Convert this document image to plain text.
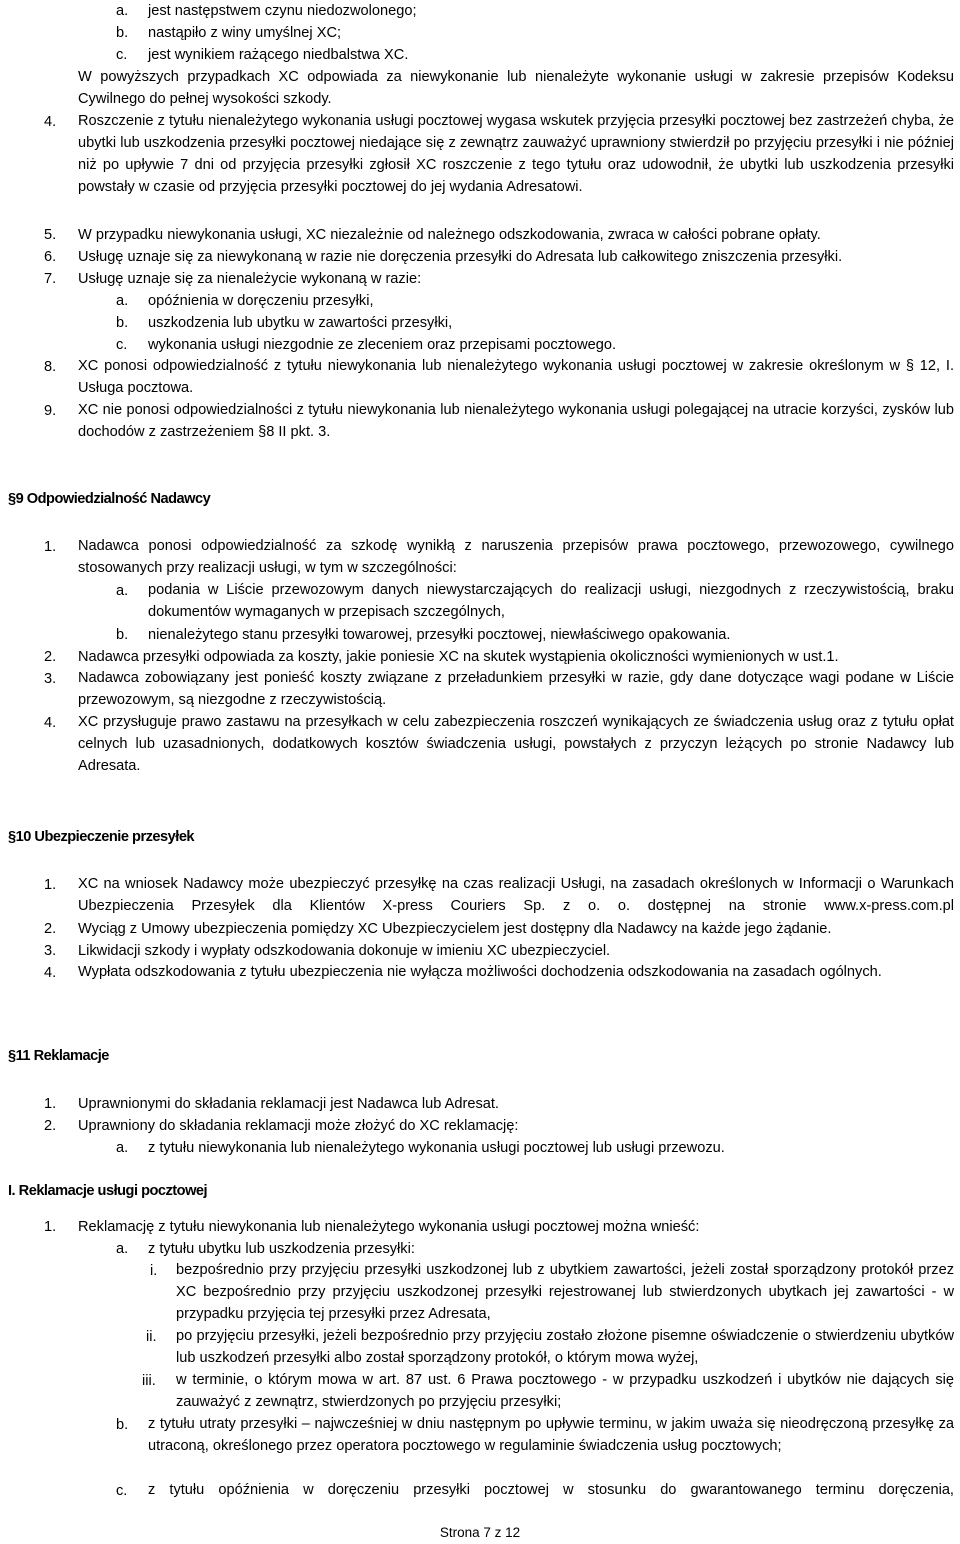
a. jest następstwem czynu niedozwolonego;
b. nastąpiło z winy umyślnej XC;
c. jest wynikiem rażącego niedbalstwa XC.
W powyższych przypadkach XC odpowiada za niewykonanie lub nienależyte wykonanie usługi w zakresie przepisów Kodeksu Cywilnego do pełnej wysokości szkody.
4. Roszczenie z tytułu nienależytego wykonania usługi pocztowej wygasa wskutek przyjęcia przesyłki pocztowej bez zastrzeżeń chyba, że ubytki lub uszkodzenia przesyłki pocztowej niedające się z zewnątrz zauważyć uprawniony stwierdził po przyjęciu przesyłki i nie później niż po upływie 7 dni od przyjęcia przesyłki zgłosił XC roszczenie z tego tytułu oraz udowodnił, że ubytki lub uszkodzenia przesyłki powstały w czasie od przyjęcia przesyłki pocztowej do jej wydania Adresatowi.
5. W przypadku niewykonania usługi, XC niezależnie od należnego odszkodowania, zwraca w całości pobrane opłaty.
6. Usługę uznaje się za niewykonaną w razie nie doręczenia przesyłki do Adresata lub całkowitego zniszczenia przesyłki.
7. Usługę uznaje się za nienależycie wykonaną w razie:
a. opóźnienia w doręczeniu przesyłki,
b. uszkodzenia lub ubytku w zawartości przesyłki,
c. wykonania usługi niezgodnie ze zleceniem oraz przepisami pocztowego.
8. XC ponosi odpowiedzialność z tytułu niewykonania lub nienależytego wykonania usługi pocztowej w zakresie określonym w § 12, I. Usługa pocztowa.
9. XC nie ponosi odpowiedzialności z tytułu niewykonania lub nienależytego wykonania usługi polegającej na utracie korzyści, zysków lub dochodów z zastrzeżeniem §8 II pkt. 3.
§9 Odpowiedzialność Nadawcy
1. Nadawca ponosi odpowiedzialność za szkodę wynikłą z naruszenia przepisów prawa pocztowego, przewozowego, cywilnego stosowanych przy realizacji usługi, w tym w szczególności:
a. podania w Liście przewozowym danych niewystarczających do realizacji usługi, niezgodnych z rzeczywistością, braku dokumentów wymaganych w przepisach szczególnych,
b. nienależytego stanu przesyłki towarowej, przesyłki pocztowej, niewłaściwego opakowania.
2. Nadawca przesyłki odpowiada za koszty, jakie poniesie XC na skutek wystąpienia okoliczności wymienionych w ust.1.
3. Nadawca zobowiązany jest ponieść koszty związane z przeładunkiem przesyłki w razie, gdy dane dotyczące wagi podane w Liście przewozowym, są niezgodne z rzeczywistością.
4. XC przysługuje prawo zastawu na przesyłkach w celu zabezpieczenia roszczeń wynikających ze świadczenia usług oraz z tytułu opłat celnych lub uzasadnionych, dodatkowych kosztów świadczenia usługi, powstałych z przyczyn leżących po stronie Nadawcy lub Adresata.
§10 Ubezpieczenie przesyłek
1. XC na wniosek Nadawcy może ubezpieczyć przesyłkę na czas realizacji Usługi, na zasadach określonych w Informacji o Warunkach Ubezpieczenia Przesyłek dla Klientów X-press Couriers Sp. z o. o. dostępnej na stronie www.x-press.com.pl
2. Wyciąg z Umowy ubezpieczenia pomiędzy XC Ubezpieczycielem jest dostępny dla Nadawcy na każde jego żądanie.
3. Likwidacji szkody i wypłaty odszkodowania dokonuje w imieniu XC ubezpieczyciel.
4. Wypłata odszkodowania z tytułu ubezpieczenia nie wyłącza możliwości dochodzenia odszkodowania na zasadach ogólnych.
§11 Reklamacje
1. Uprawnionymi do składania reklamacji jest Nadawca lub Adresat.
2. Uprawniony do składania reklamacji może złożyć do XC reklamację:
a. z tytułu niewykonania lub nienależytego wykonania usługi pocztowej lub usługi przewozu.
I. Reklamacje usługi pocztowej
1. Reklamację z tytułu niewykonania lub nienależytego wykonania usługi pocztowej można wnieść:
a. z tytułu ubytku lub uszkodzenia przesyłki:
i. bezpośrednio przy przyjęciu przesyłki uszkodzonej lub z ubytkiem zawartości, jeżeli został sporządzony protokół przez XC bezpośrednio przy przyjęciu uszkodzonej przesyłki rejestrowanej lub stwierdzonych ubytkach jej zawartości - w przypadku przyjęcia tej przesyłki przez Adresata,
ii. po przyjęciu przesyłki, jeżeli bezpośrednio przy przyjęciu zostało złożone pisemne oświadczenie o stwierdzeniu ubytków lub uszkodzeń przesyłki albo został sporządzony protokół, o którym mowa wyżej,
iii. w terminie, o którym mowa w art. 87 ust. 6 Prawa pocztowego - w przypadku uszkodzeń i ubytków nie dających się zauważyć z zewnątrz, stwierdzonych po przyjęciu przesyłki;
b. z tytułu utraty przesyłki – najwcześniej w dniu następnym po upływie terminu, w jakim uważa się nieodręczoną przesyłkę za utraconą, określonego przez operatora pocztowego w regulaminie świadczenia usług pocztowych;
c. z tytułu opóźnienia w doręczeniu przesyłki pocztowej w stosunku do gwarantowanego terminu doręczenia,
Strona 7 z 12
